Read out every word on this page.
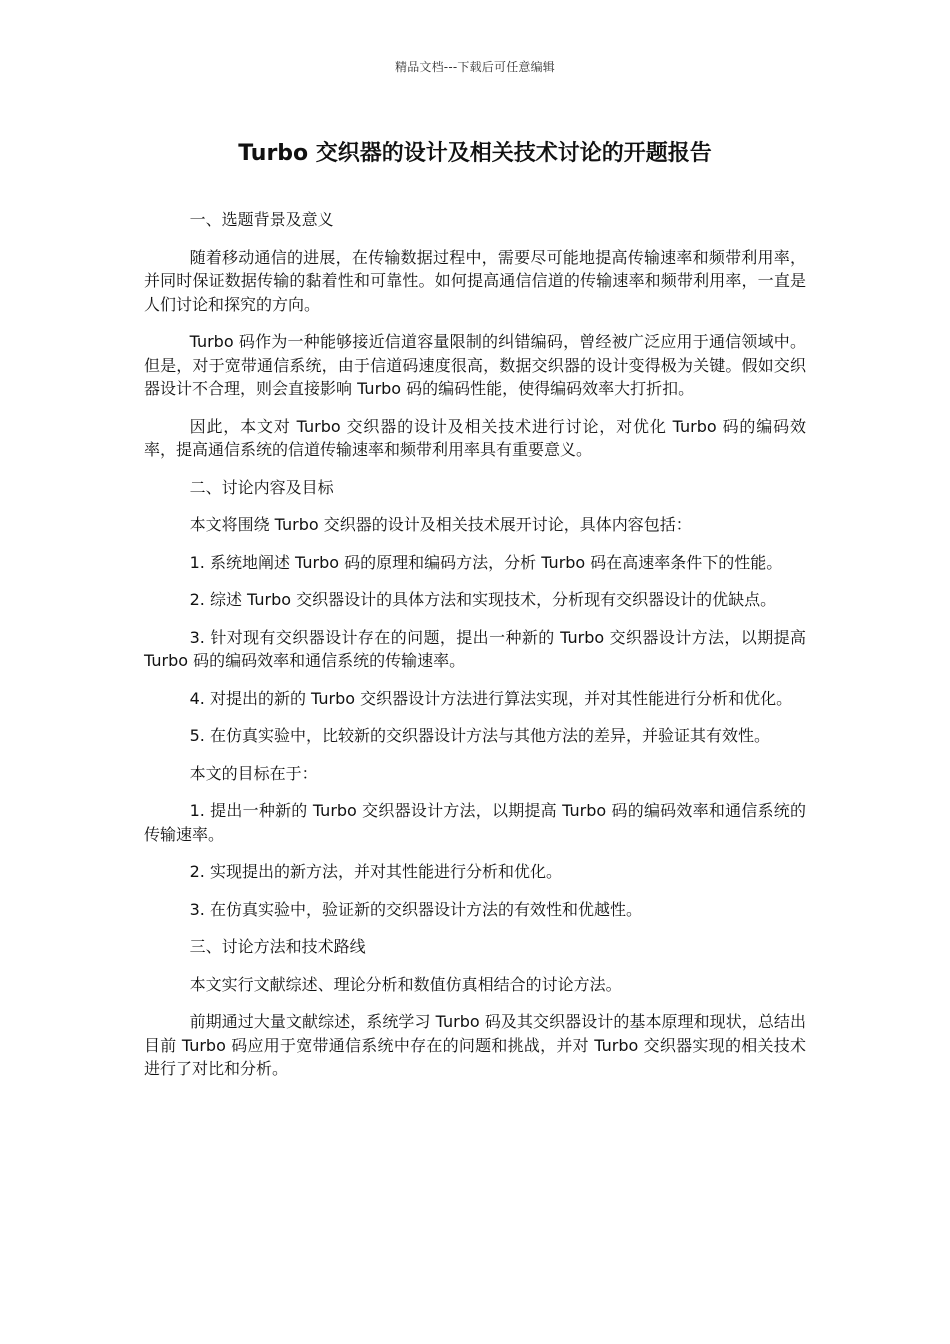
精品文档---下载后可任意编辑
Turbo 交织器的设计及相关技术讨论的开题报告

一、选题背景及意义

随着移动通信的进展，在传输数据过程中，需要尽可能地提高传输速率和频带利用率，并同时保证数据传输的黏着性和可靠性。如何提高通信信道的传输速率和频带利用率，一直是人们讨论和探究的方向。

Turbo 码作为一种能够接近信道容量限制的纠错编码，曾经被广泛应用于通信领域中。但是，对于宽带通信系统，由于信道码速度很高，数据交织器的设计变得极为关键。假如交织器设计不合理，则会直接影响 Turbo 码的编码性能，使得编码效率大打折扣。

因此，本文对 Turbo 交织器的设计及相关技术进行讨论，对优化 Turbo 码的编码效率，提高通信系统的信道传输速率和频带利用率具有重要意义。

二、讨论内容及目标

本文将围绕 Turbo 交织器的设计及相关技术展开讨论，具体内容包括：

1. 系统地阐述 Turbo 码的原理和编码方法，分析 Turbo 码在高速率条件下的性能。

2. 综述 Turbo 交织器设计的具体方法和实现技术，分析现有交织器设计的优缺点。

3. 针对现有交织器设计存在的问题，提出一种新的 Turbo 交织器设计方法，以期提高 Turbo 码的编码效率和通信系统的传输速率。

4. 对提出的新的 Turbo 交织器设计方法进行算法实现，并对其性能进行分析和优化。

5. 在仿真实验中，比较新的交织器设计方法与其他方法的差异，并验证其有效性。

本文的目标在于：

1. 提出一种新的 Turbo 交织器设计方法，以期提高 Turbo 码的编码效率和通信系统的传输速率。

2. 实现提出的新方法，并对其性能进行分析和优化。

3. 在仿真实验中，验证新的交织器设计方法的有效性和优越性。

三、讨论方法和技术路线

本文实行文献综述、理论分析和数值仿真相结合的讨论方法。

前期通过大量文献综述，系统学习 Turbo 码及其交织器设计的基本原理和现状，总结出目前 Turbo 码应用于宽带通信系统中存在的问题和挑战，并对 Turbo 交织器实现的相关技术进行了对比和分析。
